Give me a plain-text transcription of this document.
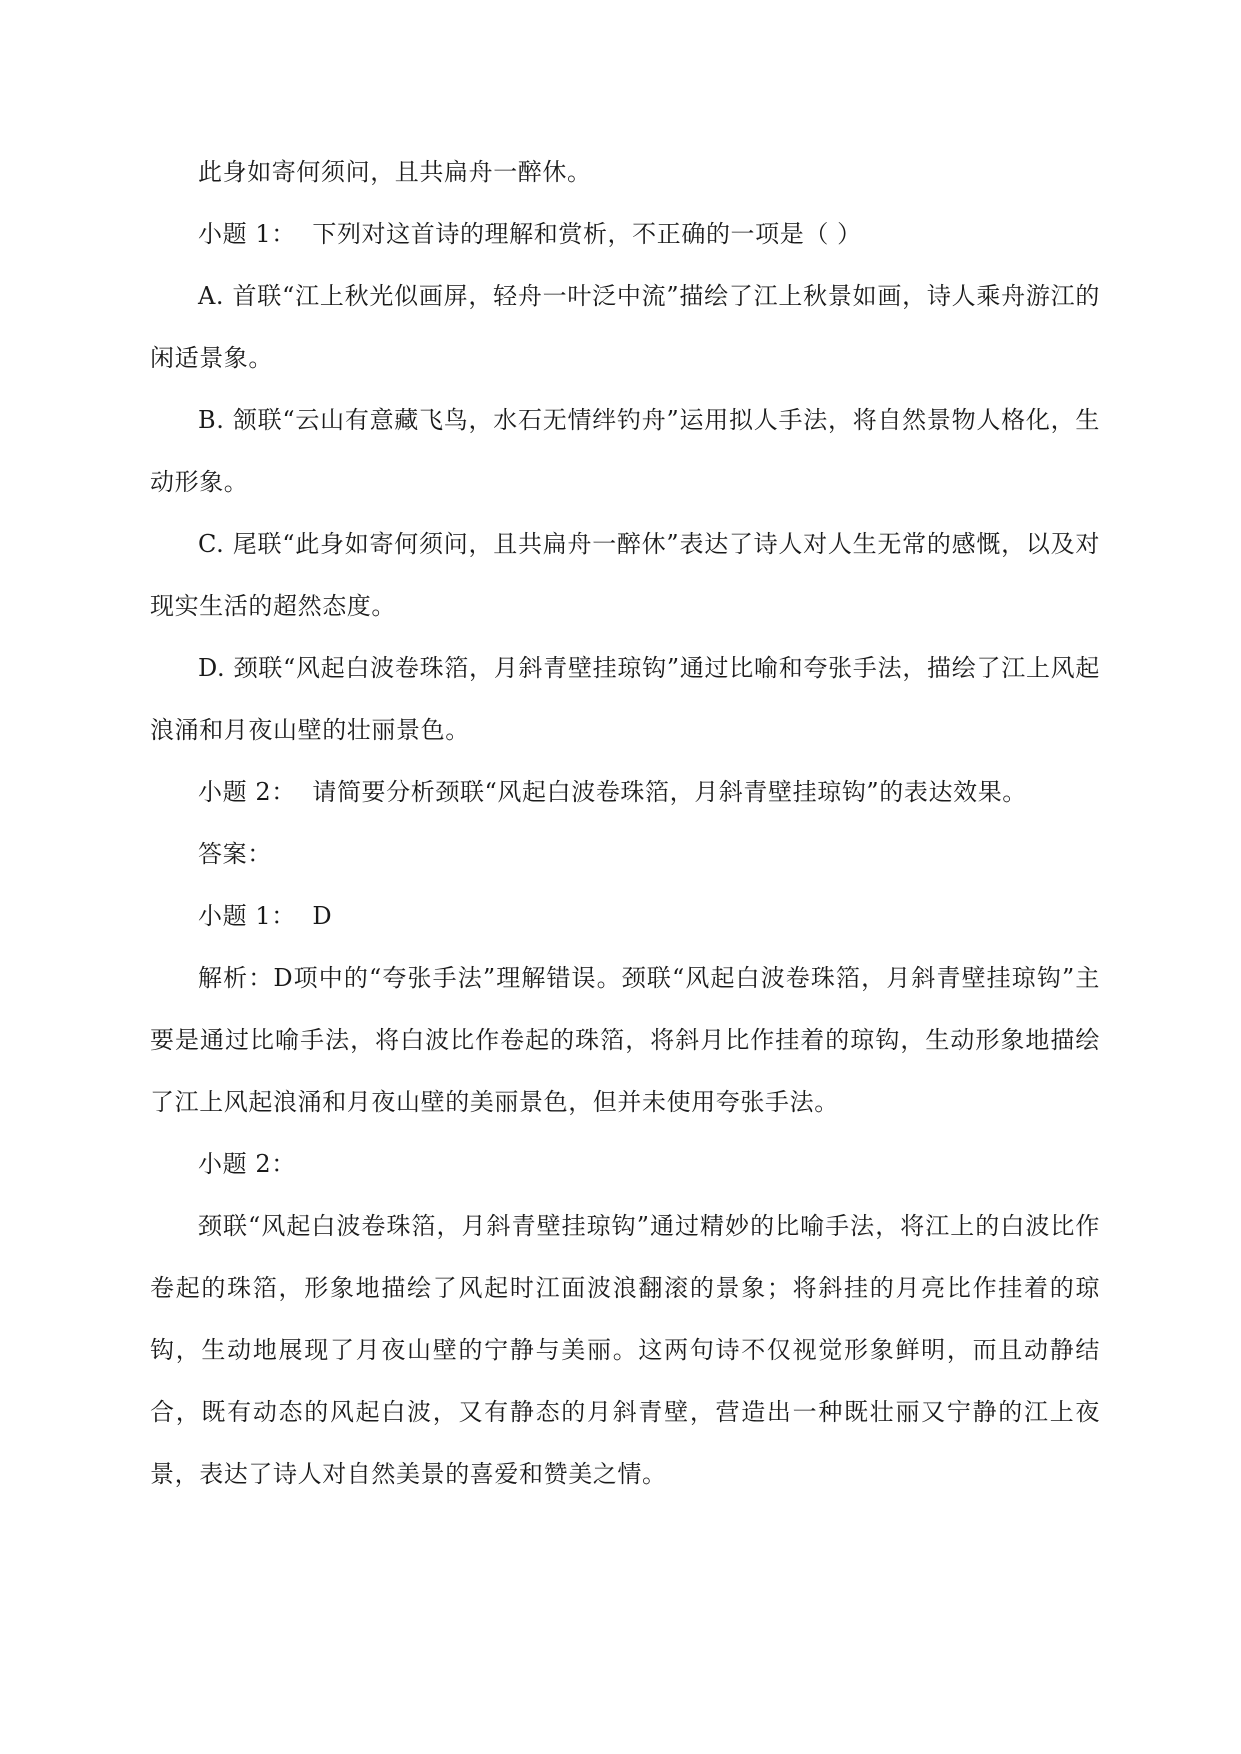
此身如寄何须问，且共扁舟一醉休。

小题 1：  下列对这首诗的理解和赏析，不正确的一项是（ ）

A. 首联“江上秋光似画屏，轻舟一叶泛中流”描绘了江上秋景如画，诗人乘舟游江的闲适景象。

B. 颔联“云山有意藏飞鸟，水石无情绊钓舟”运用拟人手法，将自然景物人格化，生动形象。

C. 尾联“此身如寄何须问，且共扁舟一醉休”表达了诗人对人生无常的感慨，以及对现实生活的超然态度。

D. 颈联“风起白波卷珠箔，月斜青壁挂琼钩”通过比喻和夸张手法，描绘了江上风起浪涌和月夜山壁的壮丽景色。

小题 2：  请简要分析颈联“风起白波卷珠箔，月斜青壁挂琼钩”的表达效果。

答案：

小题 1：  D

解析：D项中的“夸张手法”理解错误。颈联“风起白波卷珠箔，月斜青壁挂琼钩”主要是通过比喻手法，将白波比作卷起的珠箔，将斜月比作挂着的琼钩，生动形象地描绘了江上风起浪涌和月夜山壁的美丽景色，但并未使用夸张手法。

小题 2：

颈联“风起白波卷珠箔，月斜青壁挂琼钩”通过精妙的比喻手法，将江上的白波比作卷起的珠箔，形象地描绘了风起时江面波浪翻滚的景象；将斜挂的月亮比作挂着的琼钩，生动地展现了月夜山壁的宁静与美丽。这两句诗不仅视觉形象鲜明，而且动静结合，既有动态的风起白波，又有静态的月斜青壁，营造出一种既壮丽又宁静的江上夜景，表达了诗人对自然美景的喜爱和赞美之情。
